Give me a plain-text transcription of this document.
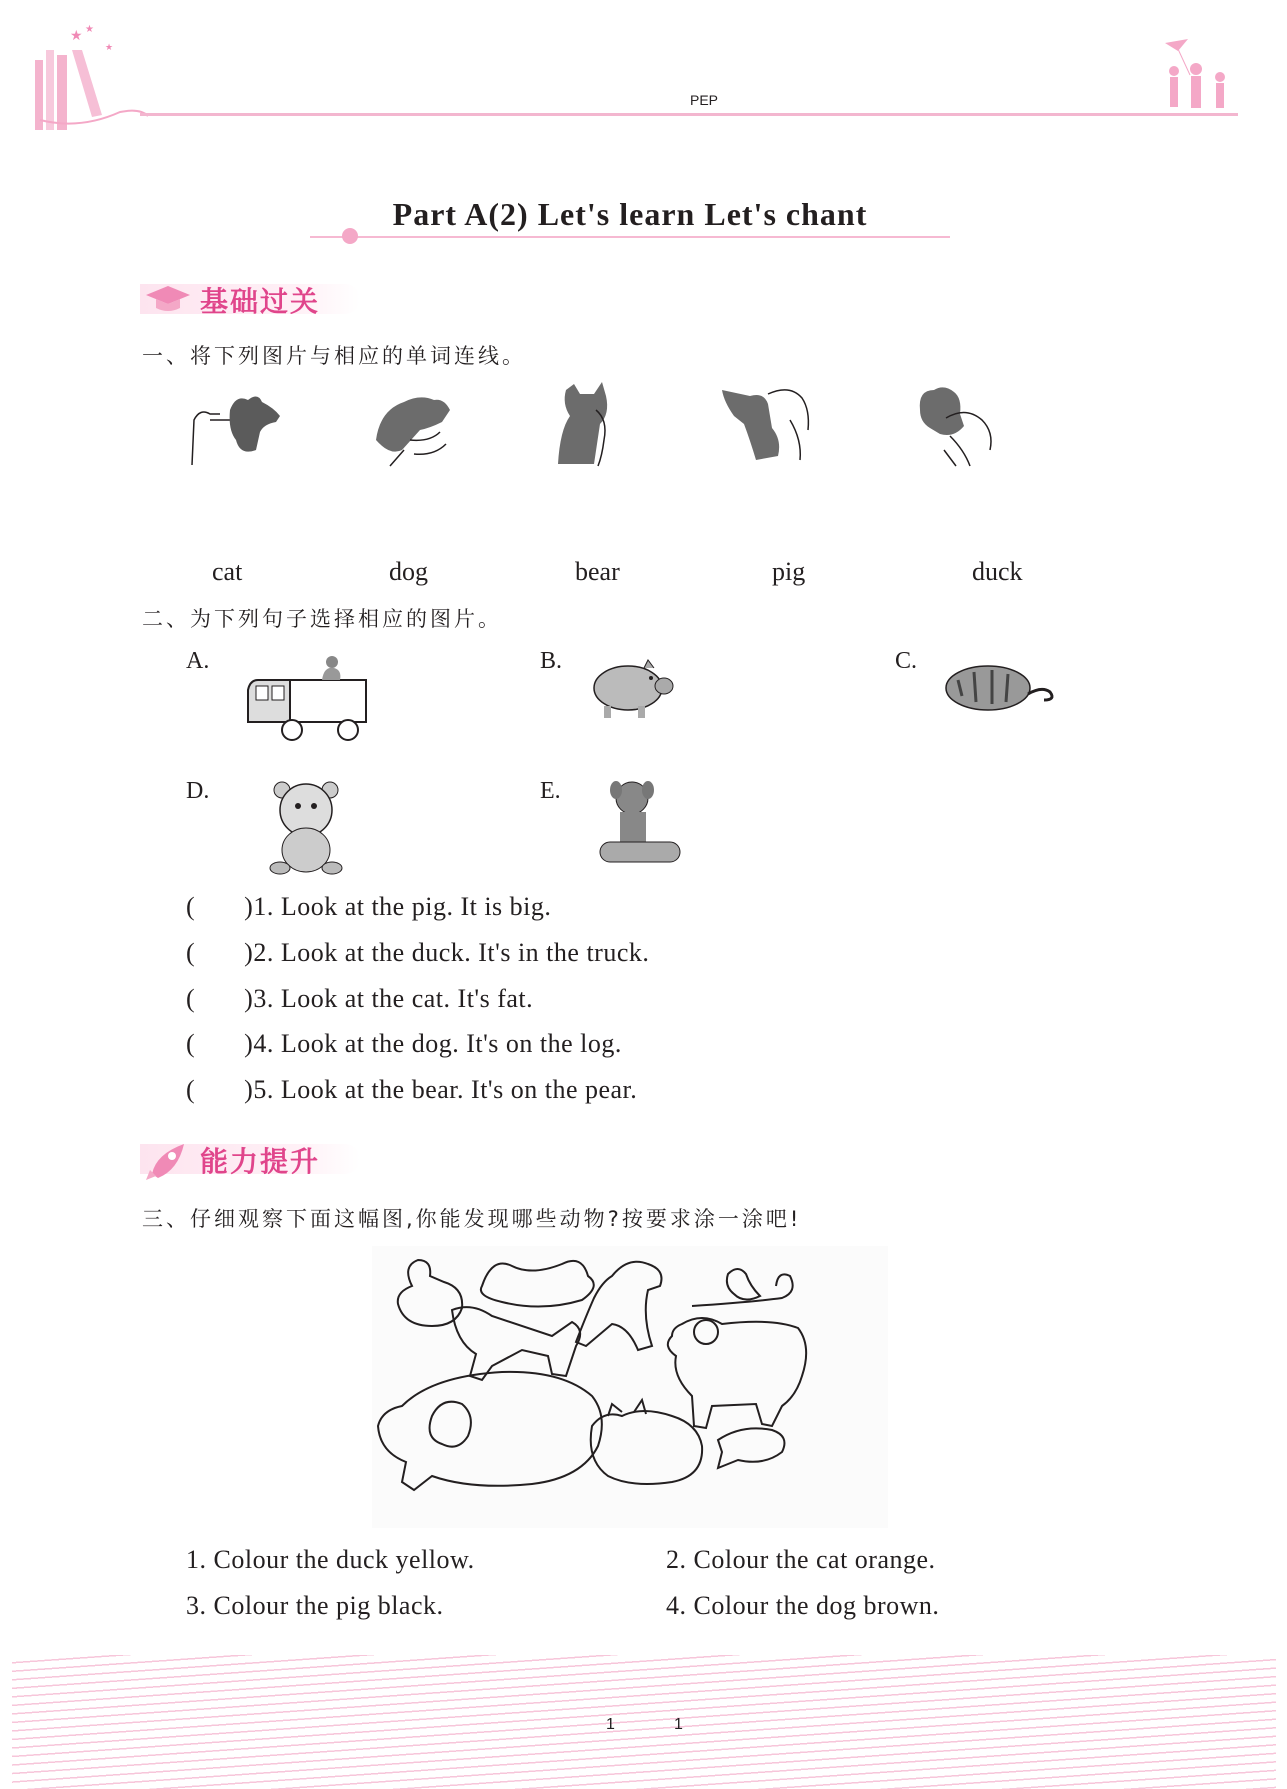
★ ★
★
PEP
Part A(2) Let's learn Let's chant
基础过关
一、将下列图片与相应的单词连线。
cat	dog	bear	pig	duck
二、为下列句子选择相应的图片。
A.	B.	C.
D.	E.
(       )1. Look at the pig. It is big.
(       )2. Look at the duck. It's in the truck.
(       )3. Look at the cat. It's fat.
(       )4. Look at the dog. It's on the log.
(       )5. Look at the bear. It's on the pear.
能力提升
三、仔细观察下面这幅图,你能发现哪些动物?按要求涂一涂吧!
1. Colour the duck yellow.	2. Colour the cat orange.
3. Colour the pig black.	4. Colour the dog brown.
1	1
